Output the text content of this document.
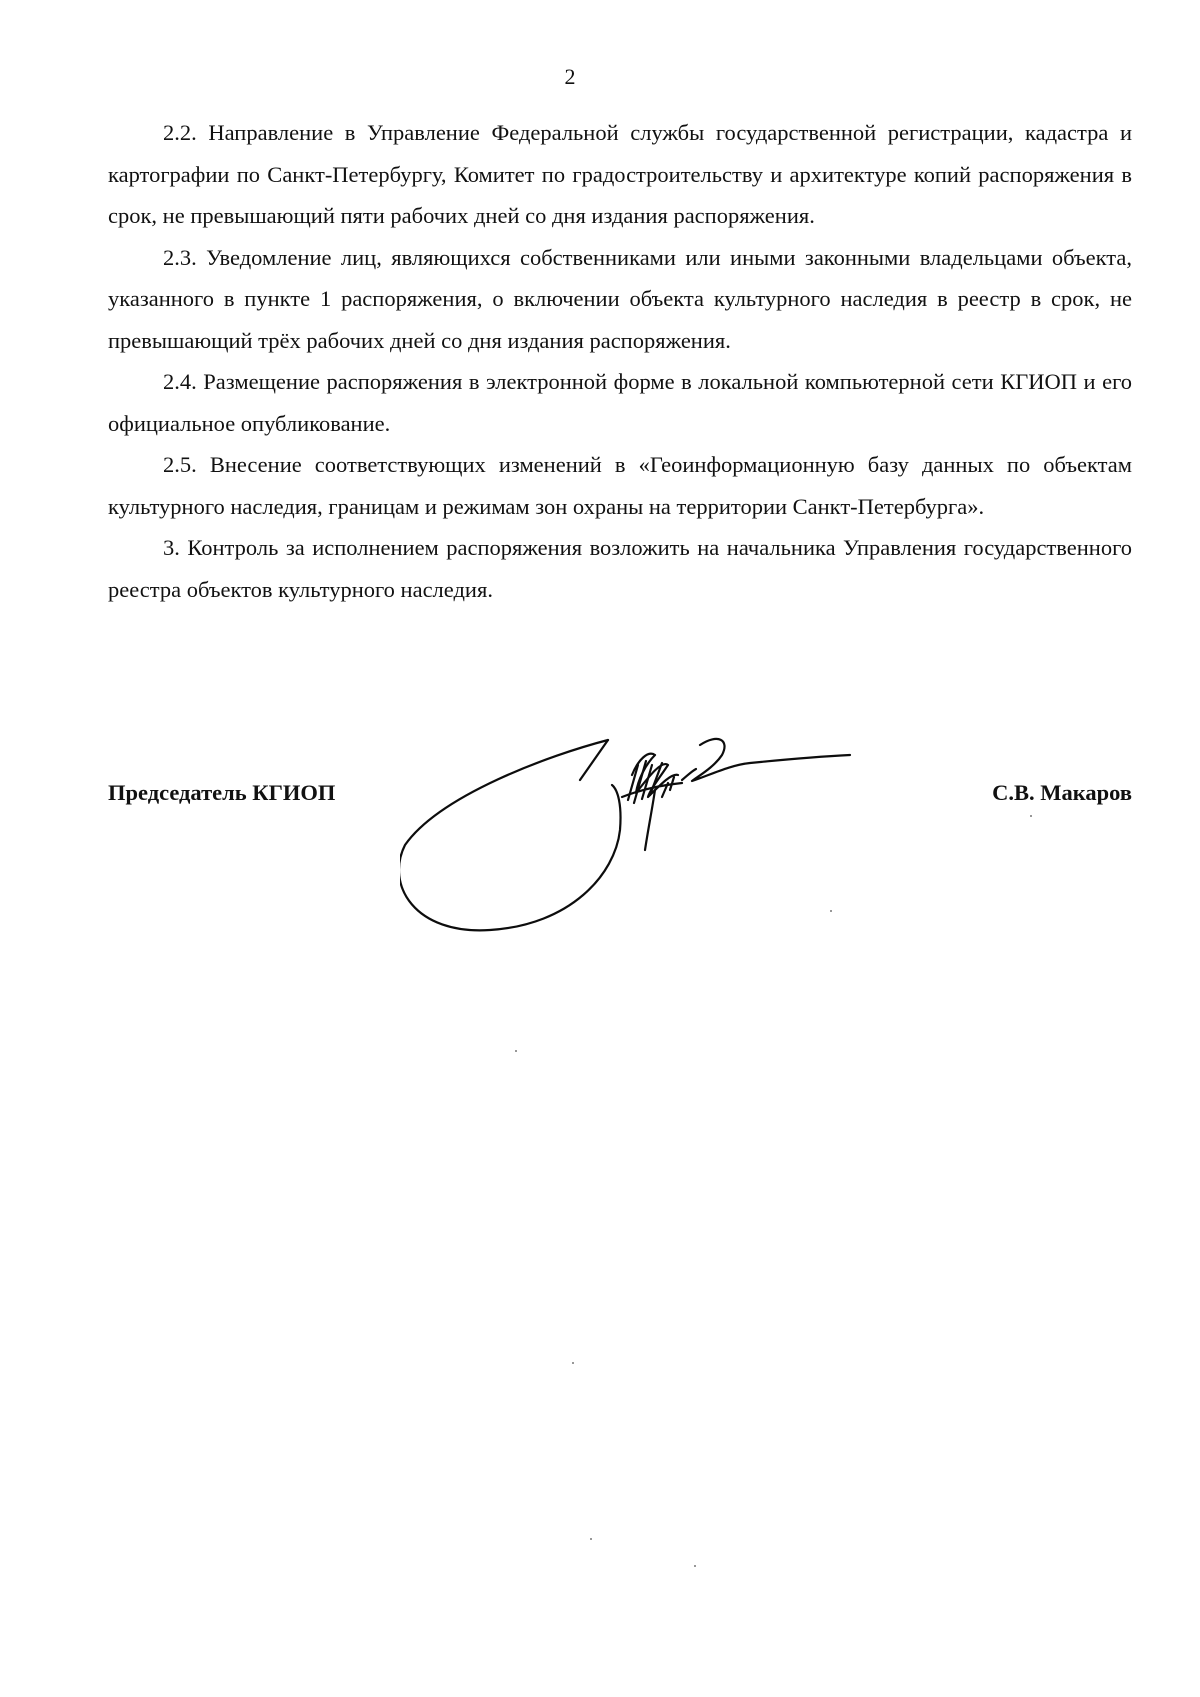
2

2.2. Направление в Управление Федеральной службы государственной регистрации, кадастра и картографии по Санкт-Петербургу, Комитет по градостроительству и архитектуре копий распоряжения в срок, не превышающий пяти рабочих дней со дня издания распоряжения.

2.3. Уведомление лиц, являющихся собственниками или иными законными владельцами объекта, указанного в пункте 1 распоряжения, о включении объекта культурного наследия в реестр в срок, не превышающий трёх рабочих дней со дня издания распоряжения.

2.4. Размещение распоряжения в электронной форме в локальной компьютерной сети КГИОП и его официальное опубликование.

2.5. Внесение соответствующих изменений в «Геоинформационную базу данных по объектам культурного наследия, границам и режимам зон охраны на территории Санкт-Петербурга».

3. Контроль за исполнением распоряжения возложить на начальника Управления государственного реестра объектов культурного наследия.

Председатель КГИОП	С.В. Макаров
